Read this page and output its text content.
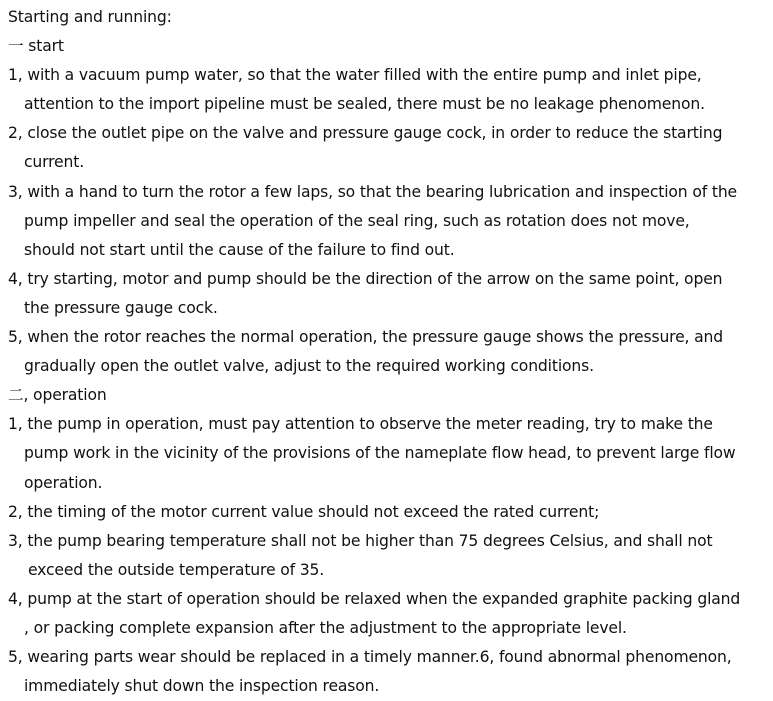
Starting and running:
一 start
1, with a vacuum pump water, so that the water filled with the entire pump and inlet pipe,
attention to the import pipeline must be sealed, there must be no leakage phenomenon.
2, close the outlet pipe on the valve and pressure gauge cock, in order to reduce the starting
current.
3, with a hand to turn the rotor a few laps, so that the bearing lubrication and inspection of the
pump impeller and seal the operation of the seal ring, such as rotation does not move,
should not start until the cause of the failure to find out.
4, try starting, motor and pump should be the direction of the arrow on the same point, open
the pressure gauge cock.
5, when the rotor reaches the normal operation, the pressure gauge shows the pressure, and
gradually open the outlet valve, adjust to the required working conditions.
二, operation
1, the pump in operation, must pay attention to observe the meter reading, try to make the
pump work in the vicinity of the provisions of the nameplate flow head, to prevent large flow
operation.
2, the timing of the motor current value should not exceed the rated current;
3, the pump bearing temperature shall not be higher than 75 degrees Celsius, and shall not
exceed the outside temperature of 35.
4, pump at the start of operation should be relaxed when the expanded graphite packing gland
, or packing complete expansion after the adjustment to the appropriate level.
5, wearing parts wear should be replaced in a timely manner.6, found abnormal phenomenon,
immediately shut down the inspection reason.
